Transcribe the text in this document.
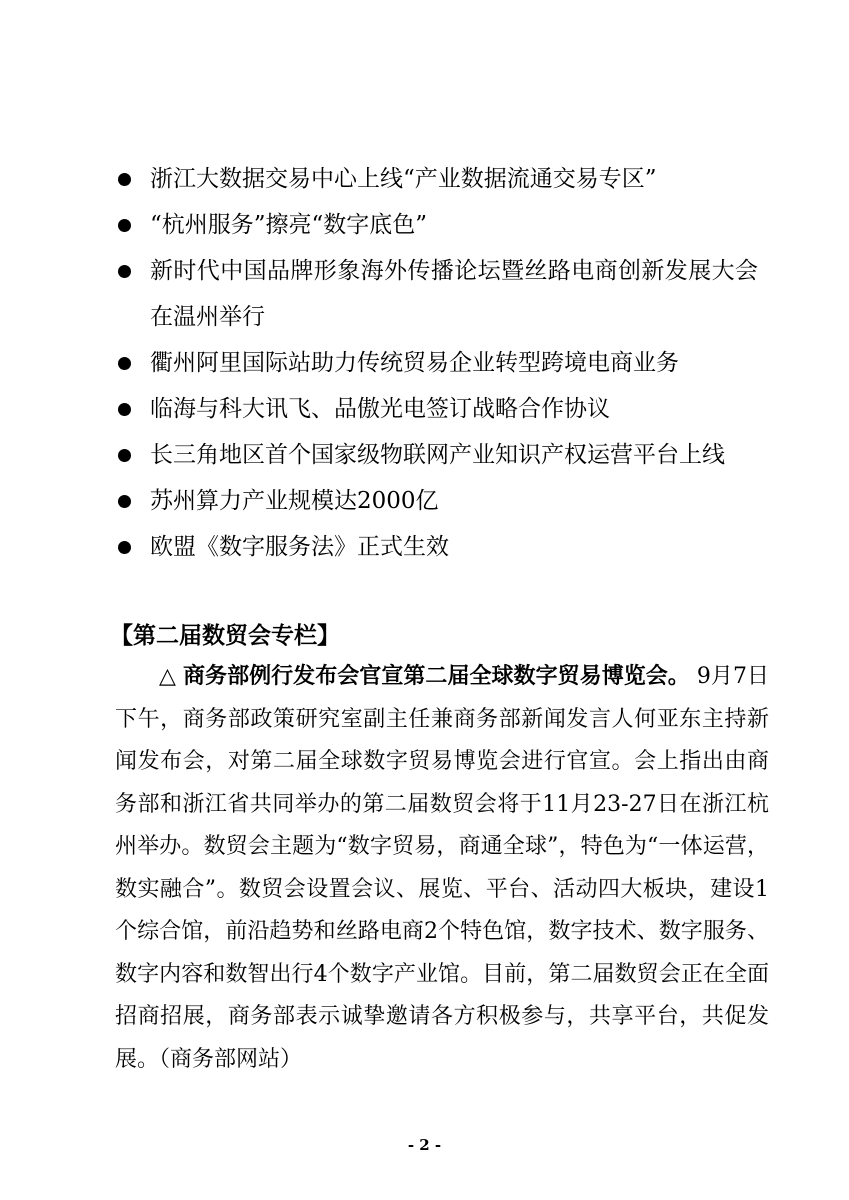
浙江大数据交易中心上线“产业数据流通交易专区”
“杭州服务”擦亮“数字底色”
新时代中国品牌形象海外传播论坛暨丝路电商创新发展大会在温州举行
衢州阿里国际站助力传统贸易企业转型跨境电商业务
临海与科大讯飞、品傲光电签订战略合作协议
长三角地区首个国家级物联网产业知识产权运营平台上线
苏州算力产业规模达2000亿
欧盟《数字服务法》正式生效
【第二届数贸会专栏】

△ 商务部例行发布会官宣第二届全球数字贸易博览会。 9月7日下午，商务部政策研究室副主任兼商务部新闻发言人何亚东主持新闻发布会，对第二届全球数字贸易博览会进行官宣。会上指出由商务部和浙江省共同举办的第二届数贸会将于11月23-27日在浙江杭州举办。数贸会主题为“数字贸易，商通全球”，特色为“一体运营，数实融合”。数贸会设置会议、展览、平台、活动四大板块，建设1个综合馆，前沿趋势和丝路电商2个特色馆，数字技术、数字服务、数字内容和数智出行4个数字产业馆。目前，第二届数贸会正在全面招商招展，商务部表示诚挚邀请各方积极参与，共享平台，共促发展。（商务部网站）

- 2 -
